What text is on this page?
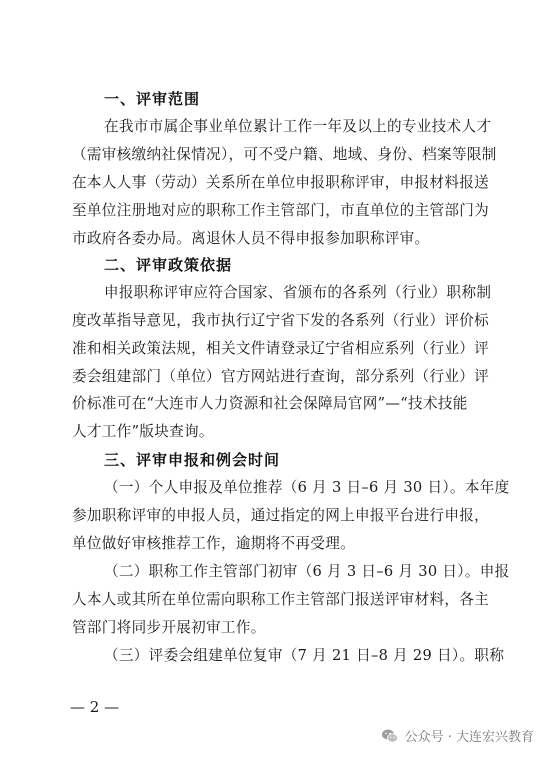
一、评审范围
在我市市属企事业单位累计工作一年及以上的专业技术人才
（需审核缴纳社保情况），可不受户籍、地域、身份、档案等限制
在本人人事（劳动）关系所在单位申报职称评审，申报材料报送
至单位注册地对应的职称工作主管部门，市直单位的主管部门为
市政府各委办局。离退休人员不得申报参加职称评审。
二、评审政策依据
申报职称评审应符合国家、省颁布的各系列（行业）职称制
度改革指导意见，我市执行辽宁省下发的各系列（行业）评价标
准和相关政策法规，相关文件请登录辽宁省相应系列（行业）评
委会组建部门（单位）官方网站进行查询，部分系列（行业）评
价标准可在“大连市人力资源和社会保障局官网”—“技术技能
人才工作”版块查询。
三、评审申报和例会时间
（一）个人申报及单位推荐（6 月 3 日–6 月 30 日）。本年度
参加职称评审的申报人员，通过指定的网上申报平台进行申报，
单位做好审核推荐工作，逾期将不再受理。
（二）职称工作主管部门初审（6 月 3 日–6 月 30 日）。申报
人本人或其所在单位需向职称工作主管部门报送评审材料，各主
管部门将同步开展初审工作。
（三）评委会组建单位复审（7 月 21 日–8 月 29 日）。职称
— 2 —
公众号 · 大连宏兴教育
